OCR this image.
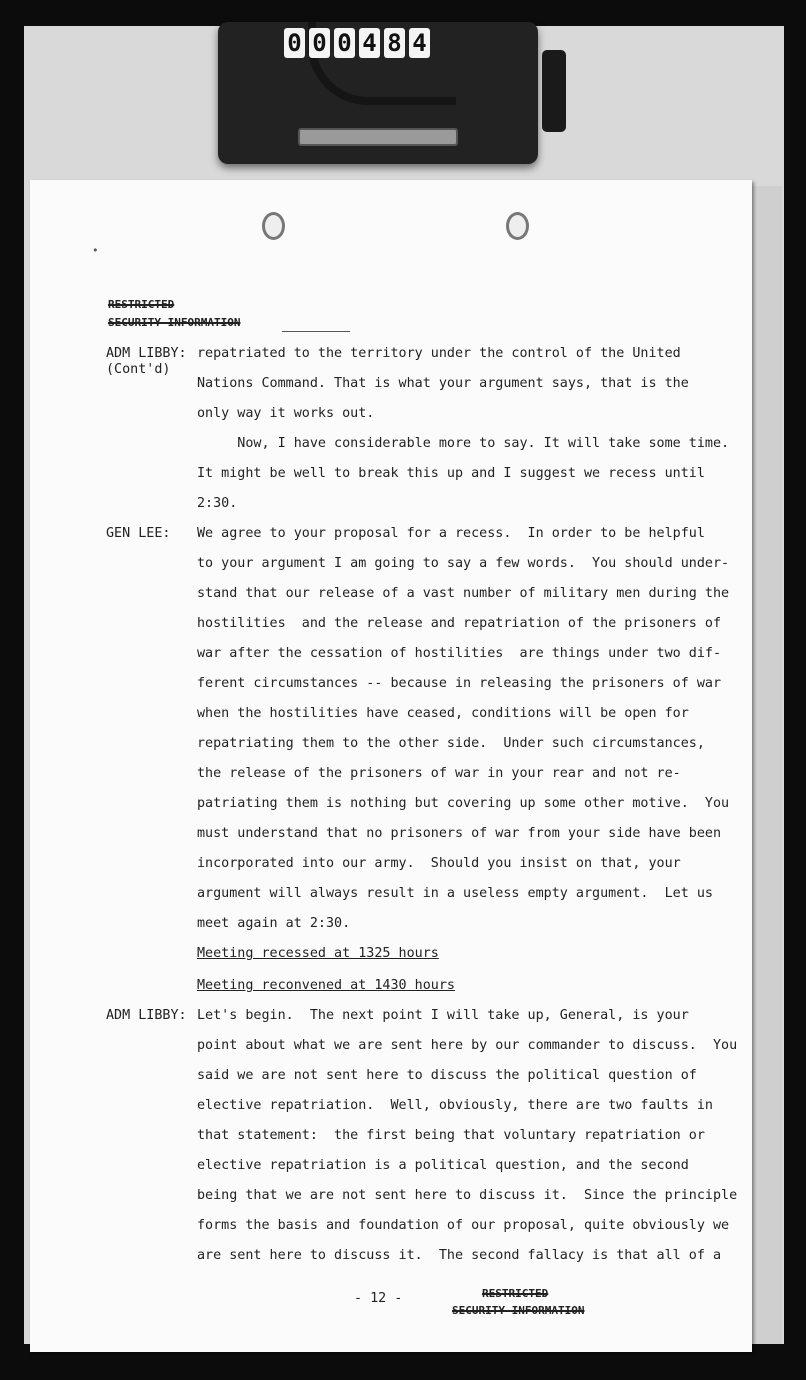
0 0 0 4 8 4
•
RESTRICTED
SECURITY INFORMATION
ADM LIBBY:
(Cont'd)
GEN LEE:
ADM LIBBY:
repatriated to the territory under the control of the United
Nations Command. That is what your argument says, that is the
only way it works out.
Now, I have considerable more to say. It will take some time.
It might be well to break this up and I suggest we recess until
2:30.
We agree to your proposal for a recess.  In order to be helpful
to your argument I am going to say a few words.  You should under-
stand that our release of a vast number of military men during the
hostilities  and the release and repatriation of the prisoners of
war after the cessation of hostilities  are things under two dif-
ferent circumstances -- because in releasing the prisoners of war
when the hostilities have ceased, conditions will be open for
repatriating them to the other side.  Under such circumstances,
the release of the prisoners of war in your rear and not re-
patriating them is nothing but covering up some other motive.  You
must understand that no prisoners of war from your side have been
incorporated into our army.  Should you insist on that, your
argument will always result in a useless empty argument.  Let us
meet again at 2:30.
Meeting recessed at 1325 hours
Meeting reconvened at 1430 hours
Let's begin.  The next point I will take up, General, is your
point about what we are sent here by our commander to discuss.  You
said we are not sent here to discuss the political question of
elective repatriation.  Well, obviously, there are two faults in
that statement:  the first being that voluntary repatriation or
elective repatriation is a political question, and the second
being that we are not sent here to discuss it.  Since the principle
forms the basis and foundation of our proposal, quite obviously we
are sent here to discuss it.  The second fallacy is that all of a
- 12 -	RESTRICTED
SECURITY INFORMATION
